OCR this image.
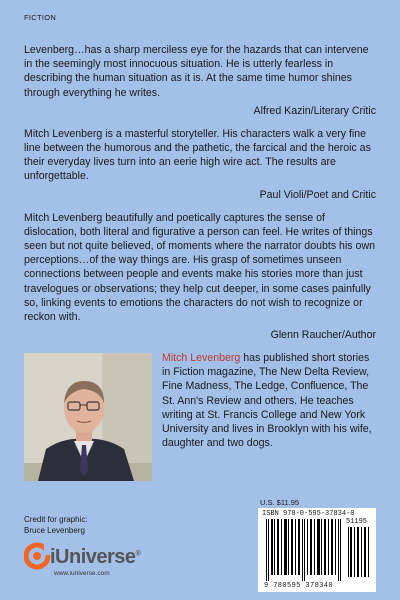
FICTION

Levenberg…has a sharp merciless eye for the hazards that can intervene in the seemingly most innocuous situation. He is utterly fearless in describing the human situation as it is. At the same time humor shines through everything he writes.

Alfred Kazin/Literary Critic

Mitch Levenberg is a masterful storyteller. His characters walk a very fine line between the humorous and the pathetic, the farcical and the heroic as their everyday lives turn into an eerie high wire act. The results are unforgettable.

Paul Violi/Poet and Critic

Mitch Levenberg beautifully and poetically captures the sense of dislocation, both literal and figurative a person can feel. He writes of things seen but not quite believed, of moments where the narrator doubts his own perceptions…of the way things are. His grasp of sometimes unseen connections between people and events make his stories more than just travelogues or observations; they help cut deeper, in some cases painfully so, linking events to emotions the characters do not wish to recognize or reckon with.

Glenn Raucher/Author

Mitch Levenberg has published short stories in Fiction magazine, The New Delta Review, Fine Madness, The Ledge, Confluence, The St. Ann's Review and others. He teaches writing at St. Francis College and New York University and lives in Brooklyn with his wife, daughter and two dogs.

U.S. $11.95
ISBN 978-0-595-37834-0
51195
9 780595 378340
Credit for graphic:
Bruce Levenberg
iUniverse®
www.iuniverse.com
